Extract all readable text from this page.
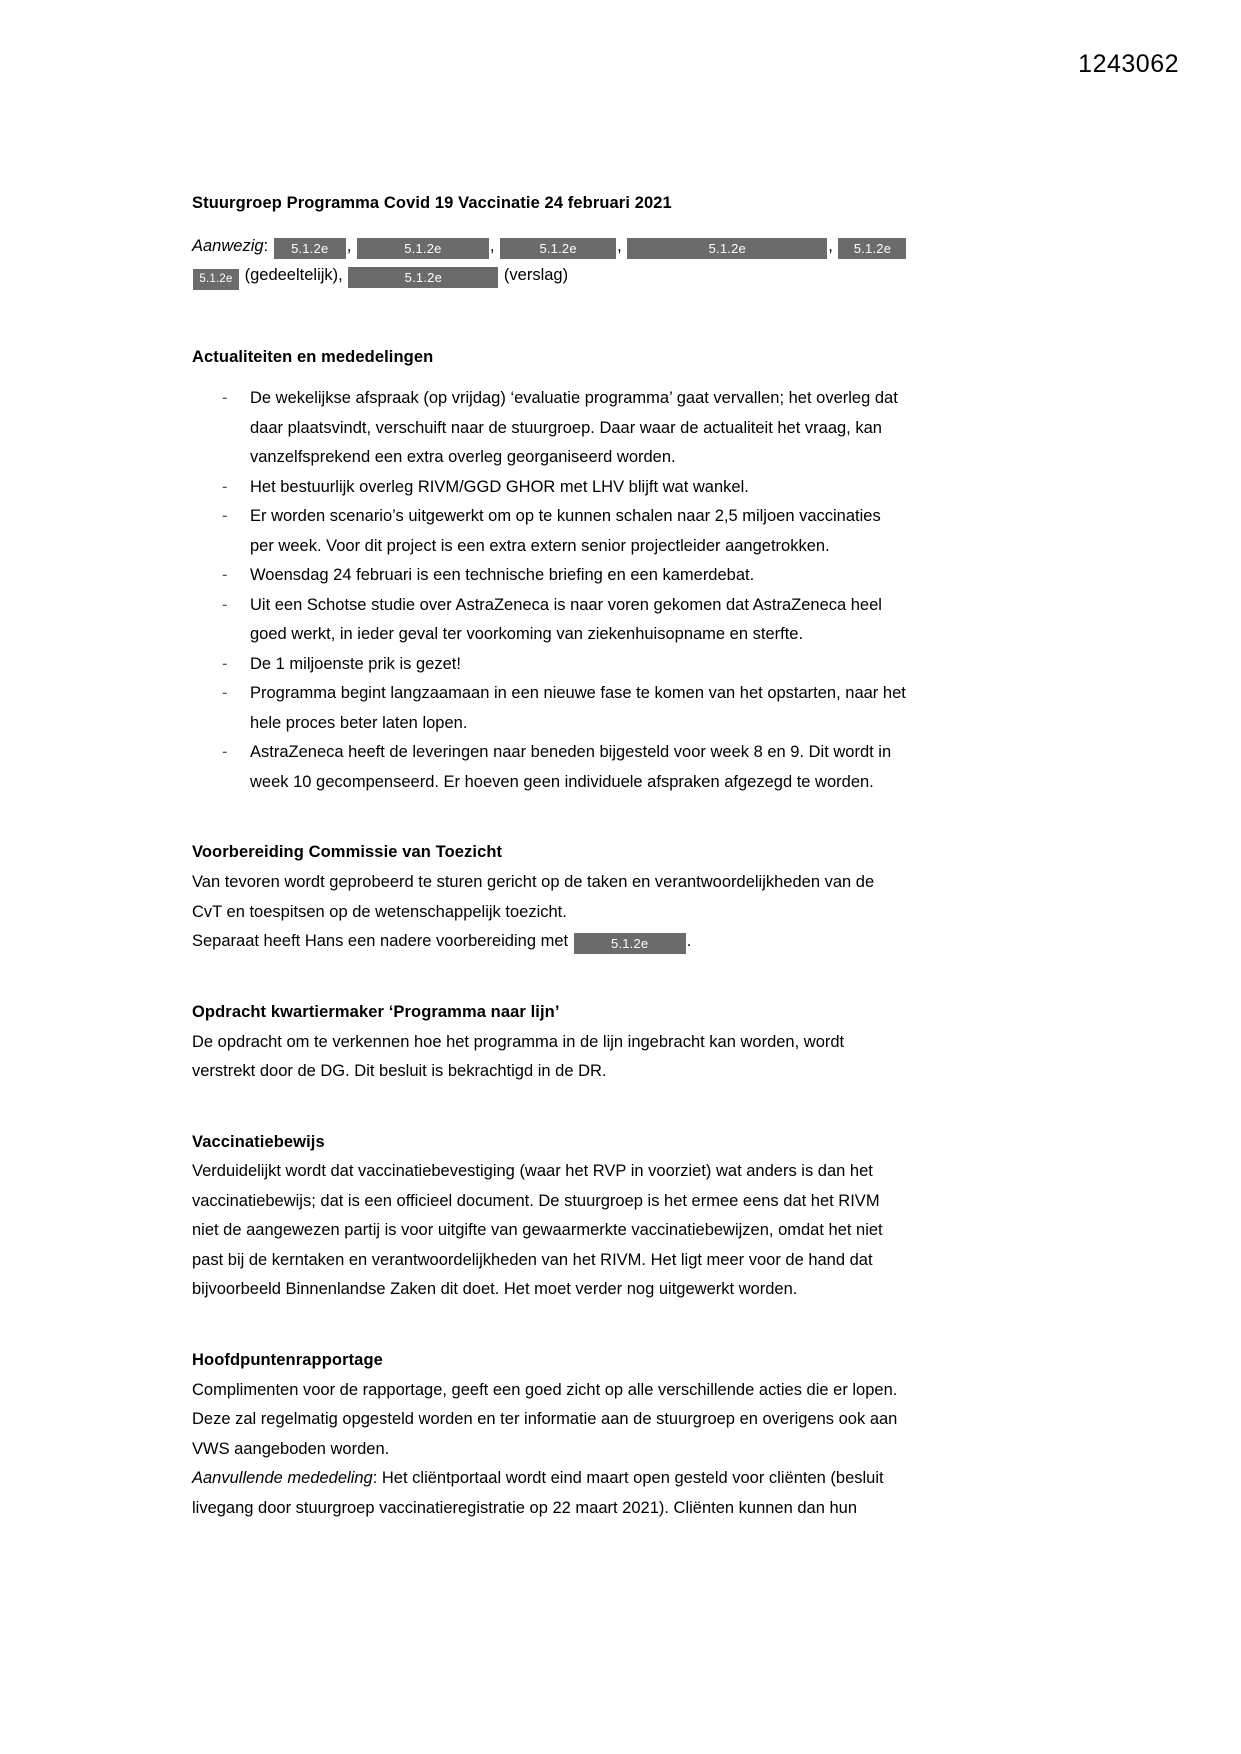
1243062
Stuurgroep Programma Covid 19 Vaccinatie 24 februari 2021
Aanwezig: 5.1.2e ,	5.1.2e	,	5.1.2e ,	5.1.2e	, 5.1.2e
5.1.2e (gedeeltelijk),	5.1.2e	(verslag)
Actualiteiten en mededelingen
- De wekelijkse afspraak (op vrijdag) ‘evaluatie programma’ gaat vervallen; het overleg dat daar plaatsvindt, verschuift naar de stuurgroep. Daar waar de actualiteit het vraag, kan vanzelfsprekend een extra overleg georganiseerd worden.
- Het bestuurlijk overleg RIVM/GGD GHOR met LHV blijft wat wankel.
- Er worden scenario’s uitgewerkt om op te kunnen schalen naar 2,5 miljoen vaccinaties per week. Voor dit project is een extra extern senior projectleider aangetrokken.
- Woensdag 24 februari is een technische briefing en een kamerdebat.
- Uit een Schotse studie over AstraZeneca is naar voren gekomen dat AstraZeneca heel goed werkt, in ieder geval ter voorkoming van ziekenhuisopname en sterfte.
- De 1 miljoenste prik is gezet!
- Programma begint langzaamaan in een nieuwe fase te komen van het opstarten, naar het hele proces beter laten lopen.
- AstraZeneca heeft de leveringen naar beneden bijgesteld voor week 8 en 9. Dit wordt in week 10 gecompenseerd. Er hoeven geen individuele afspraken afgezegd te worden.
Voorbereiding Commissie van Toezicht

Van tevoren wordt geprobeerd te sturen gericht op de taken en verantwoordelijkheden van de CvT en toespitsen op de wetenschappelijk toezicht.

Separaat heeft Hans een nadere voorbereiding met	5.1.2e .

Opdracht kwartiermaker ‘Programma naar lijn’

De opdracht om te verkennen hoe het programma in de lijn ingebracht kan worden, wordt verstrekt door de DG. Dit besluit is bekrachtigd in de DR.

Vaccinatiebewijs

Verduidelijkt wordt dat vaccinatiebevestiging (waar het RVP in voorziet) wat anders is dan het vaccinatiebewijs; dat is een officieel document. De stuurgroep is het ermee eens dat het RIVM niet de aangewezen partij is voor uitgifte van gewaarmerkte vaccinatiebewijzen, omdat het niet past bij de kerntaken en verantwoordelijkheden van het RIVM. Het ligt meer voor de hand dat bijvoorbeeld Binnenlandse Zaken dit doet. Het moet verder nog uitgewerkt worden.

Hoofdpuntenrapportage

Complimenten voor de rapportage, geeft een goed zicht op alle verschillende acties die er lopen. Deze zal regelmatig opgesteld worden en ter informatie aan de stuurgroep en overigens ook aan VWS aangeboden worden.

Aanvullende mededeling: Het cliëntportaal wordt eind maart open gesteld voor cliënten (besluit livegang door stuurgroep vaccinatieregistratie op 22 maart 2021). Cliënten kunnen dan hun
